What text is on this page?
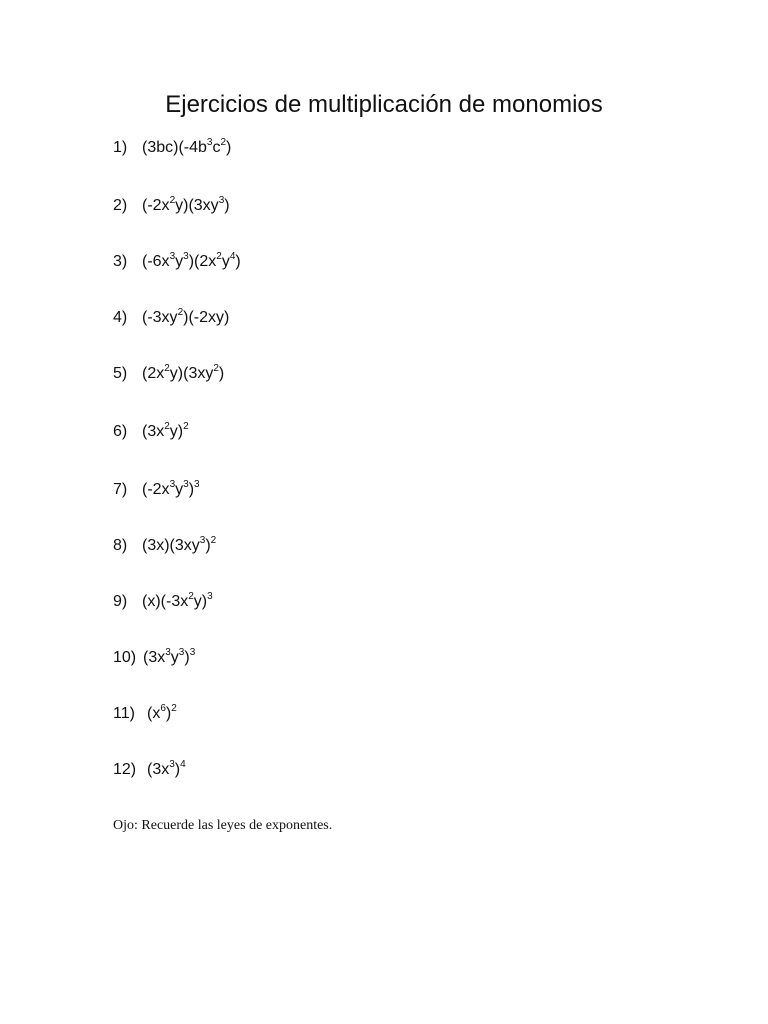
Ejercicios de multiplicación de monomios
1) $(3bc)(-4b^3c^2)$
2) $(-2x^2y)(3xy^3)$
3) $(-6x^3y^3)(2x^2y^4)$
4) $(-3xy^2)(-2xy)$
5) $(2x^2y)(3xy^2)$
6) $(3x^2y)^2$
7) $(-2x^3y^3)^3$
8) $(3x)(3xy^3)^2$
9) $(x)(-3x^2y)^3$
10) $(3x^3y^3)^3$
11) $(x^6)^2$
12) $(3x^3)^4$
Ojo: Recuerde las leyes de exponentes.
